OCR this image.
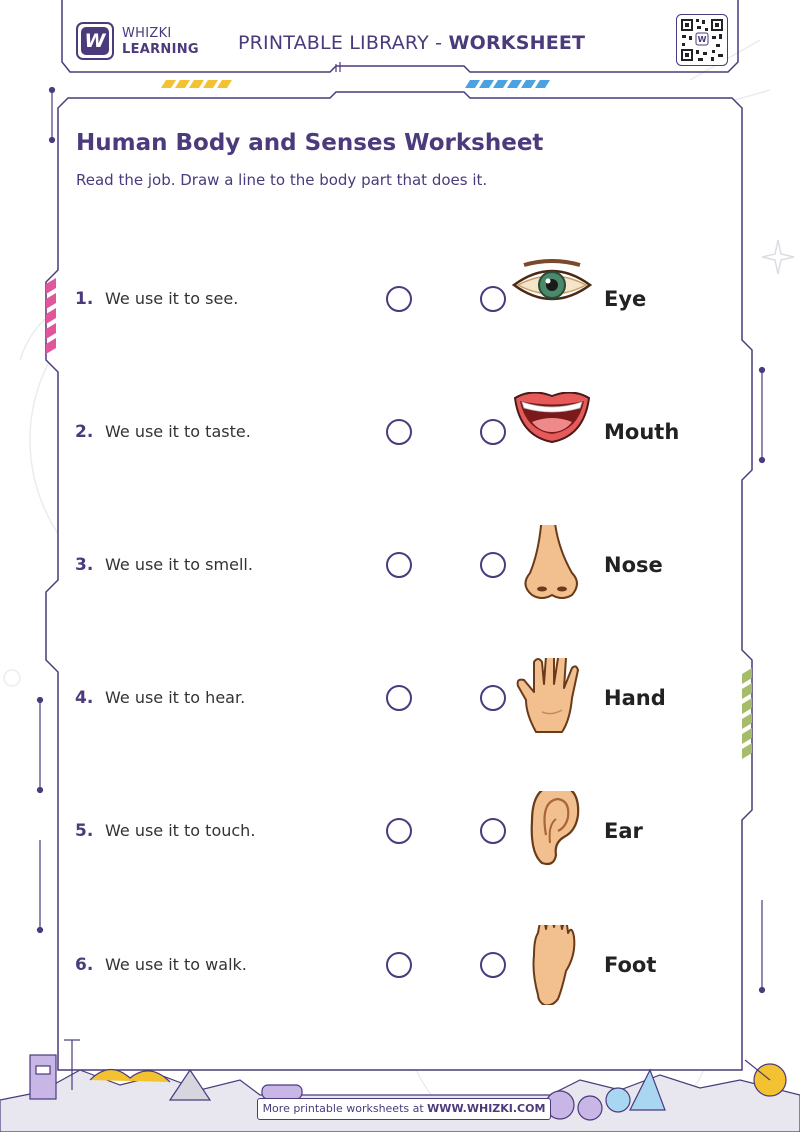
W WHIZKI
LEARNING PRINTABLE LIBRARY - WORKSHEET	W
Human Body and Senses Worksheet
Read the job. Draw a line to the body part that does it.
1. We use it to see.	Eye
2. We use it to taste.	Mouth
3. We use it to smell.	Nose
4. We use it to hear.	Hand
5. We use it to touch.	Ear
6. We use it to walk.	Foot
More printable worksheets at WWW.WHIZKI.COM
